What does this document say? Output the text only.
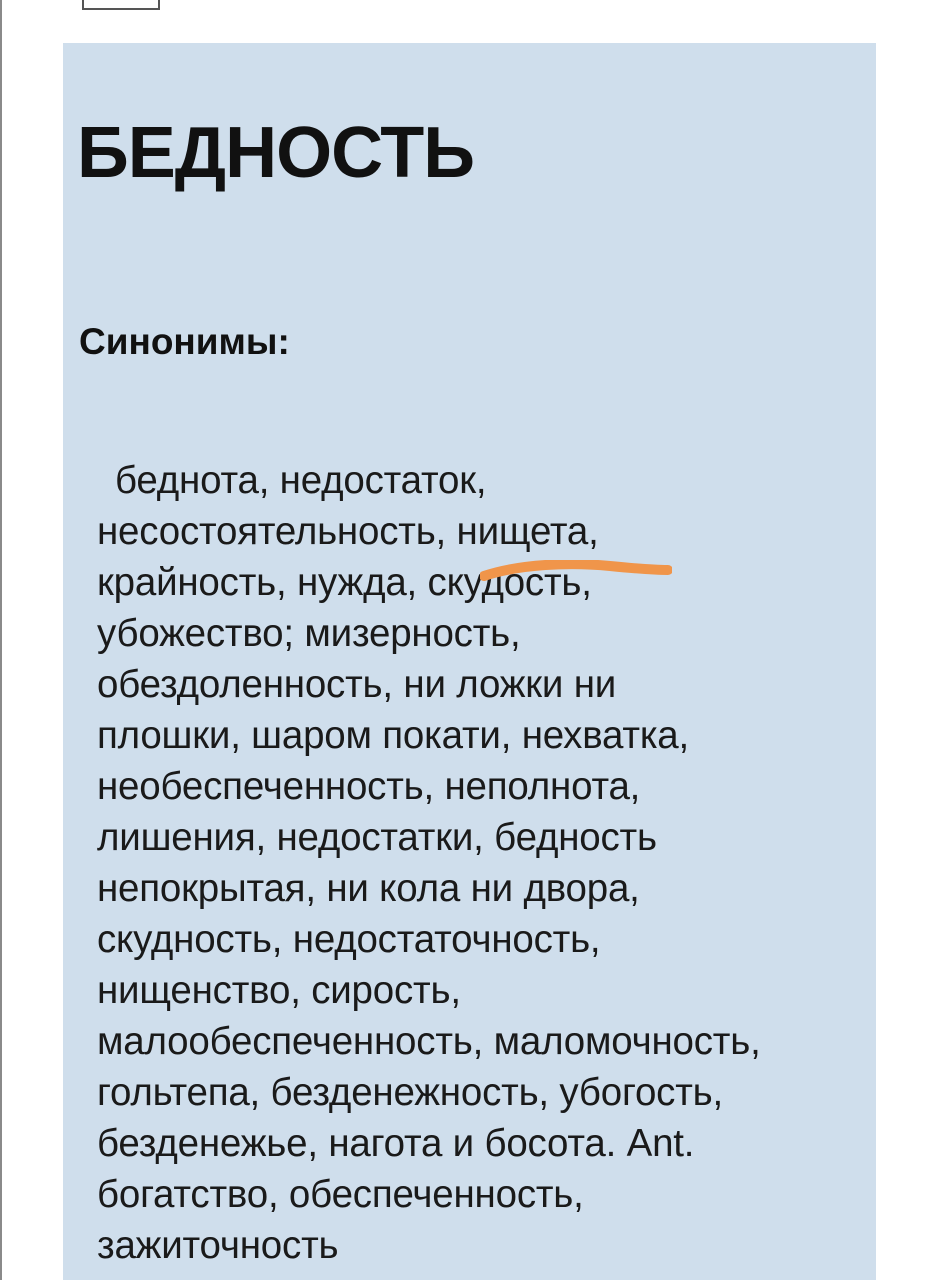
БЕДНОСТЬ
Синонимы:

беднота, недостаток,
несостоятельность, нищета,
крайность, нужда, скудость,
убожество; мизерность,
обездоленность, ни ложки ни
плошки, шаром покати, нехватка,
необеспеченность, неполнота,
лишения, недостатки, бедность
непокрытая, ни кола ни двора,
скудность, недостаточность,
нищенство, сирость,
малообеспеченность, маломочность,
гольтепа, безденежность, убогость,
безденежье, нагота и босота. Ant.
богатство, обеспеченность,
зажиточность
